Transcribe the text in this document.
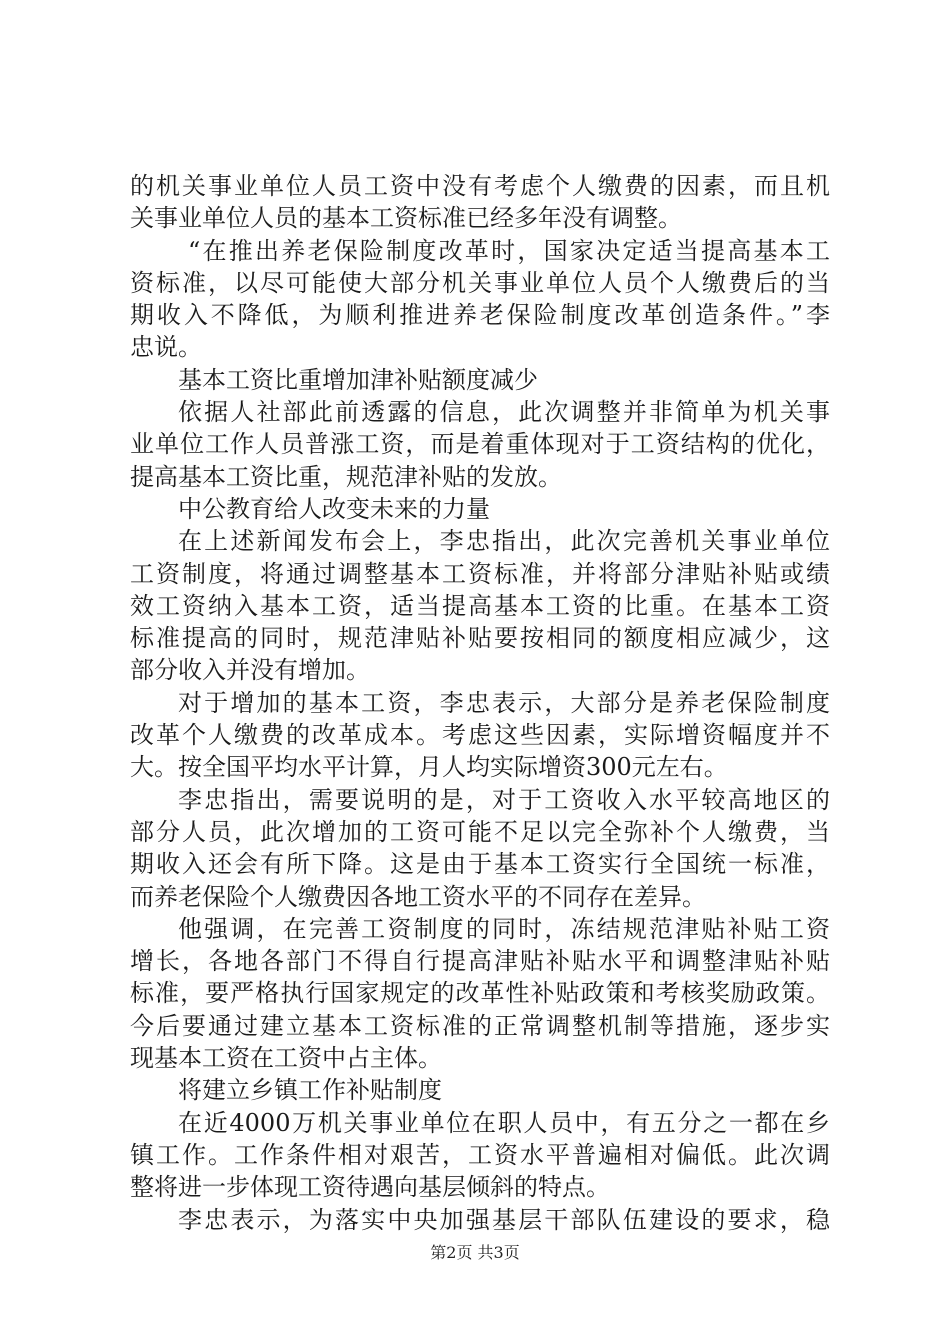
的机关事业单位人员工资中没有考虑个人缴费的因素，而且机
关事业单位人员的基本工资标准已经多年没有调整。
“在推出养老保险制度改革时，国家决定适当提高基本工
资标准，以尽可能使大部分机关事业单位人员个人缴费后的当
期收入不降低，为顺利推进养老保险制度改革创造条件。”李
忠说。
基本工资比重增加津补贴额度减少
依据人社部此前透露的信息，此次调整并非简单为机关事
业单位工作人员普涨工资，而是着重体现对于工资结构的优化，
提高基本工资比重，规范津补贴的发放。
中公教育给人改变未来的力量
在上述新闻发布会上，李忠指出，此次完善机关事业单位
工资制度，将通过调整基本工资标准，并将部分津贴补贴或绩
效工资纳入基本工资，适当提高基本工资的比重。在基本工资
标准提高的同时，规范津贴补贴要按相同的额度相应减少，这
部分收入并没有增加。
对于增加的基本工资，李忠表示，大部分是养老保险制度
改革个人缴费的改革成本。考虑这些因素，实际增资幅度并不
大。按全国平均水平计算，月人均实际增资300元左右。
李忠指出，需要说明的是，对于工资收入水平较高地区的
部分人员，此次增加的工资可能不足以完全弥补个人缴费，当
期收入还会有所下降。这是由于基本工资实行全国统一标准，
而养老保险个人缴费因各地工资水平的不同存在差异。
他强调，在完善工资制度的同时，冻结规范津贴补贴工资
增长，各地各部门不得自行提高津贴补贴水平和调整津贴补贴
标准，要严格执行国家规定的改革性补贴政策和考核奖励政策。
今后要通过建立基本工资标准的正常调整机制等措施，逐步实
现基本工资在工资中占主体。
将建立乡镇工作补贴制度
在近4000万机关事业单位在职人员中，有五分之一都在乡
镇工作。工作条件相对艰苦，工资水平普遍相对偏低。此次调
整将进一步体现工资待遇向基层倾斜的特点。
李忠表示，为落实中央加强基层干部队伍建设的要求，稳
第2页 共3页
